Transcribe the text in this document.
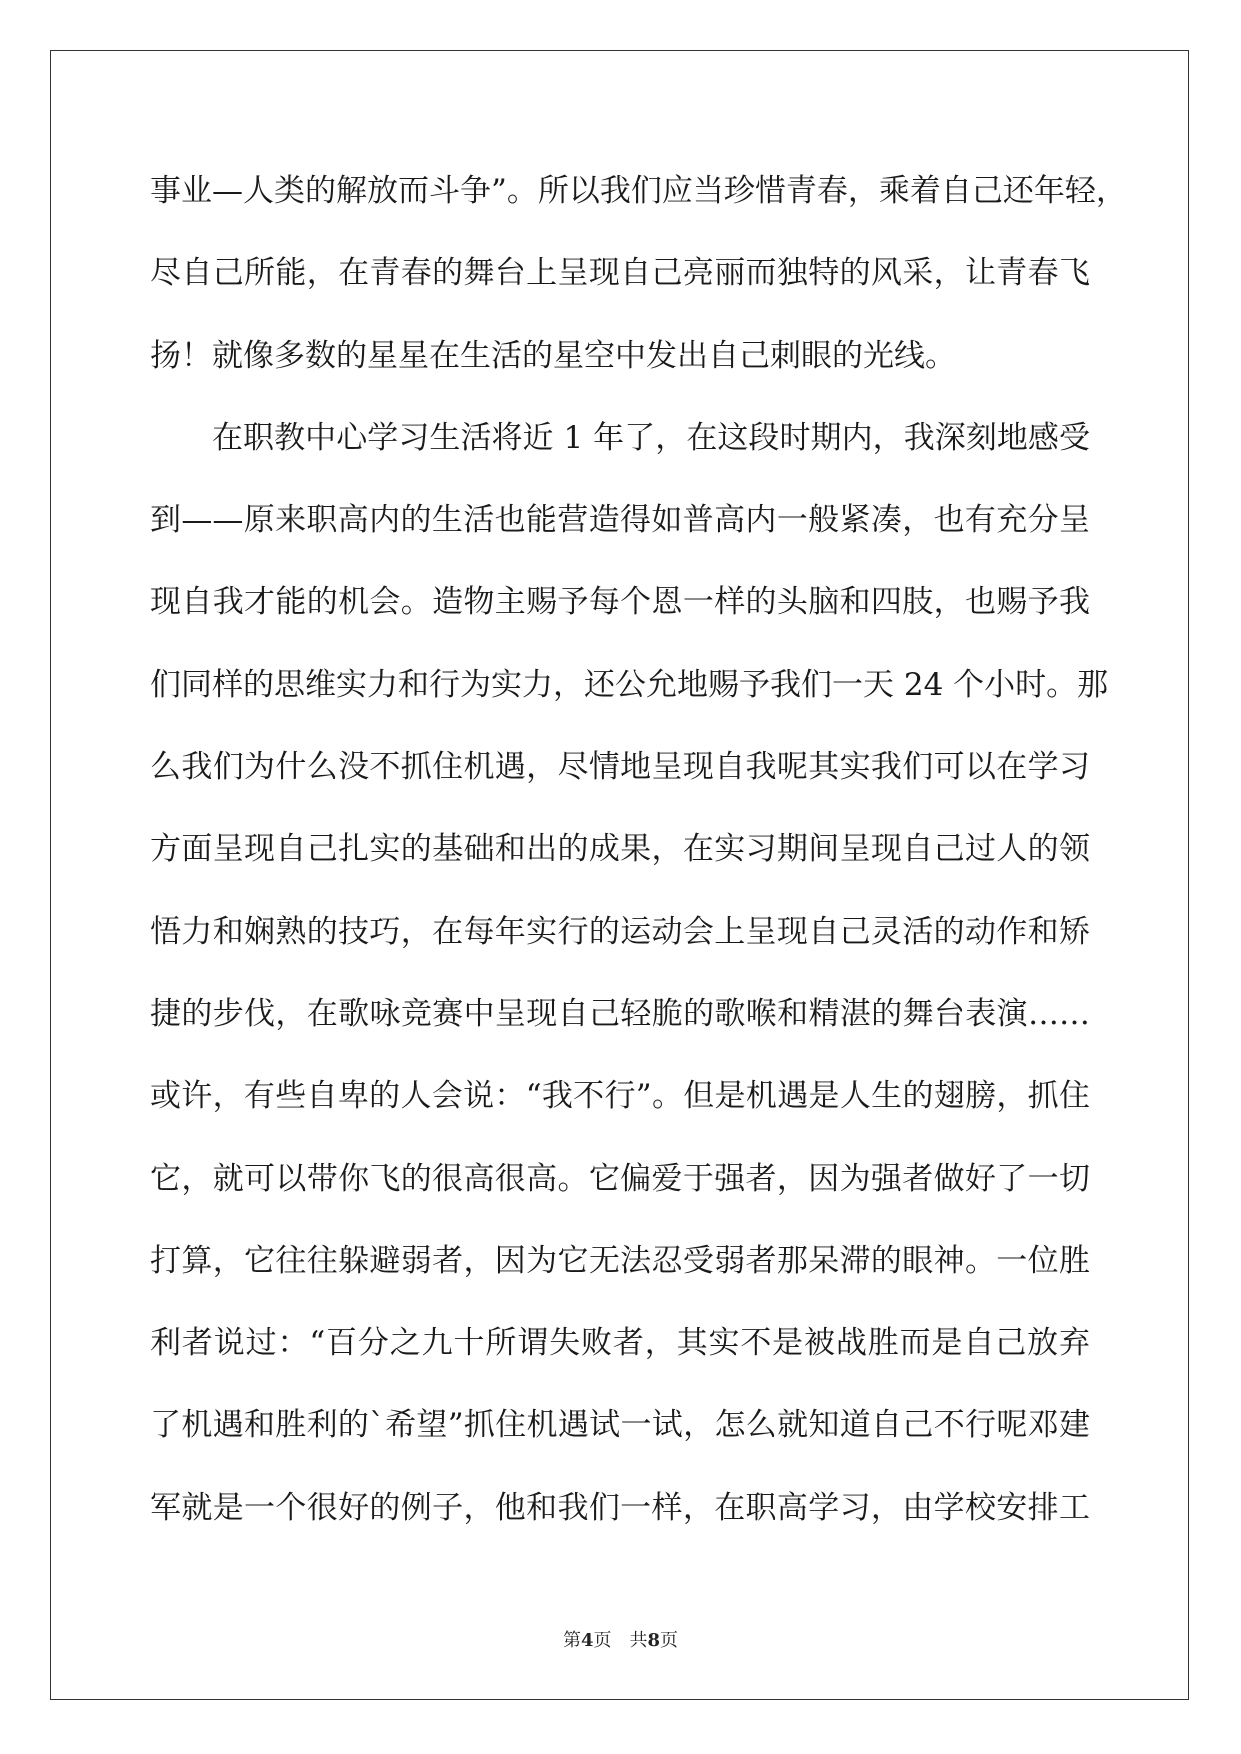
事业—人类的解放而斗争”。所以我们应当珍惜青春，乘着自己还年轻，
尽自己所能，在青春的舞台上呈现自己亮丽而独特的风采，让青春飞
扬！就像多数的星星在生活的星空中发出自己刺眼的光线。
在职教中心学习生活将近 1 年了，在这段时期内，我深刻地感受
到——原来职高内的生活也能营造得如普高内一般紧凑，也有充分呈
现自我才能的机会。造物主赐予每个恩一样的头脑和四肢，也赐予我
们同样的思维实力和行为实力，还公允地赐予我们一天 24 个小时。那
么我们为什么没不抓住机遇，尽情地呈现自我呢其实我们可以在学习
方面呈现自己扎实的基础和出的成果，在实习期间呈现自己过人的领
悟力和娴熟的技巧，在每年实行的运动会上呈现自己灵活的动作和矫
捷的步伐，在歌咏竞赛中呈现自己轻脆的歌喉和精湛的舞台表演……
或许，有些自卑的人会说：“我不行”。但是机遇是人生的翅膀，抓住
它，就可以带你飞的很高很高。它偏爱于强者，因为强者做好了一切
打算，它往往躲避弱者，因为它无法忍受弱者那呆滞的眼神。一位胜
利者说过：“百分之九十所谓失败者，其实不是被战胜而是自己放弃
了机遇和胜利的`希望”抓住机遇试一试，怎么就知道自己不行呢邓建
军就是一个很好的例子，他和我们一样，在职高学习，由学校安排工
第4页 共8页
